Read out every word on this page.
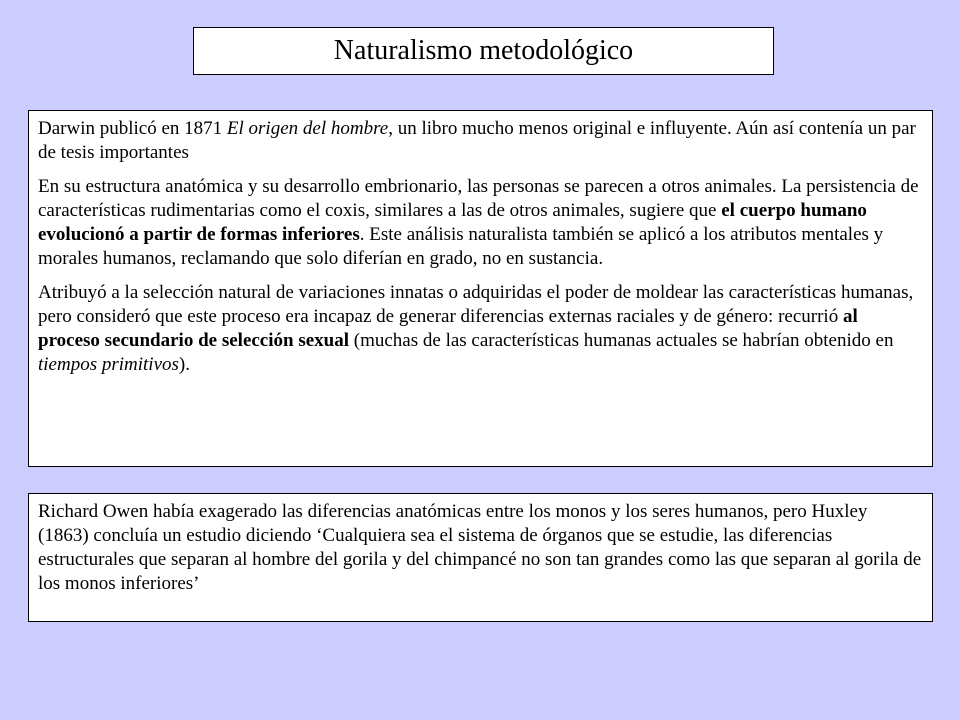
Naturalismo metodológico

Darwin publicó en 1871 El origen del hombre, un libro mucho menos original e influyente. Aún así contenía un par de tesis importantes

En su estructura anatómica y su desarrollo embrionario, las personas se parecen a otros animales. La persistencia de características rudimentarias como el coxis, similares a las de otros animales, sugiere que el cuerpo humano evolucionó a partir de formas inferiores. Este análisis naturalista también se aplicó a los atributos mentales y morales humanos, reclamando que solo diferían en grado, no en sustancia.

Atribuyó a la selección natural de variaciones innatas o adquiridas el poder de moldear las características humanas, pero consideró que este proceso era incapaz de generar diferencias externas raciales y de género: recurrió al proceso secundario de selección sexual (muchas de las características humanas actuales se habrían obtenido en tiempos primitivos).

Richard Owen había exagerado las diferencias anatómicas entre los monos y los seres humanos, pero Huxley (1863) concluía un estudio diciendo ‘Cualquiera sea el sistema de órganos que se estudie, las diferencias estructurales que separan al hombre del gorila y del chimpancé no son tan grandes como las que separan al gorila de los monos inferiores’
